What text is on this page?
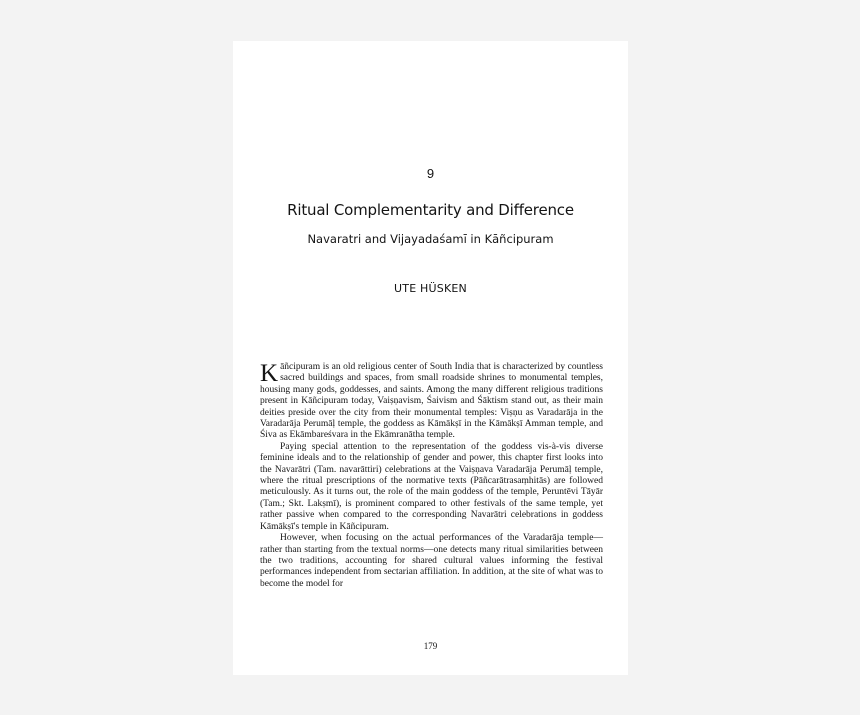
9
Ritual Complementarity and Difference
Navaratri and Vijayadaśamī in Kāñcipuram
UTE HÜSKEN

Kāñcipuram is an old religious center of South India that is characterized by countless sacred buildings and spaces, from small roadside shrines to monumental temples, housing many gods, goddesses, and saints. Among the many different religious traditions present in Kāñcipuram today, Vaiṣṇavism, Śaivism and Śāktism stand out, as their main deities preside over the city from their monumental temples: Viṣṇu as Varadarāja in the Varadarāja Perumāḷ temple, the goddess as Kāmākṣī in the Kāmākṣī Amman temple, and Śiva as Ekāmbareśvara in the Ekāmranātha temple.

Paying special attention to the representation of the goddess vis-à-vis diverse feminine ideals and to the relationship of gender and power, this chapter first looks into the Navarātri (Tam. navarāttiri) celebrations at the Vaiṣṇava Varadarāja Perumāḷ temple, where the ritual prescriptions of the normative texts (Pāñcarātrasaṃhitās) are followed meticulously. As it turns out, the role of the main goddess of the temple, Peruntēvi Tāyār (Tam.; Skt. Lakṣmī), is prominent compared to other festivals of the same temple, yet rather passive when compared to the corresponding Navarātri celebrations in goddess Kāmākṣī's temple in Kāñcipuram.

However, when focusing on the actual performances of the Varadarāja temple—rather than starting from the textual norms—one detects many ritual similarities between the two traditions, accounting for shared cultural values informing the festival performances independent from sectarian affiliation. In addition, at the site of what was to become the model for

179
